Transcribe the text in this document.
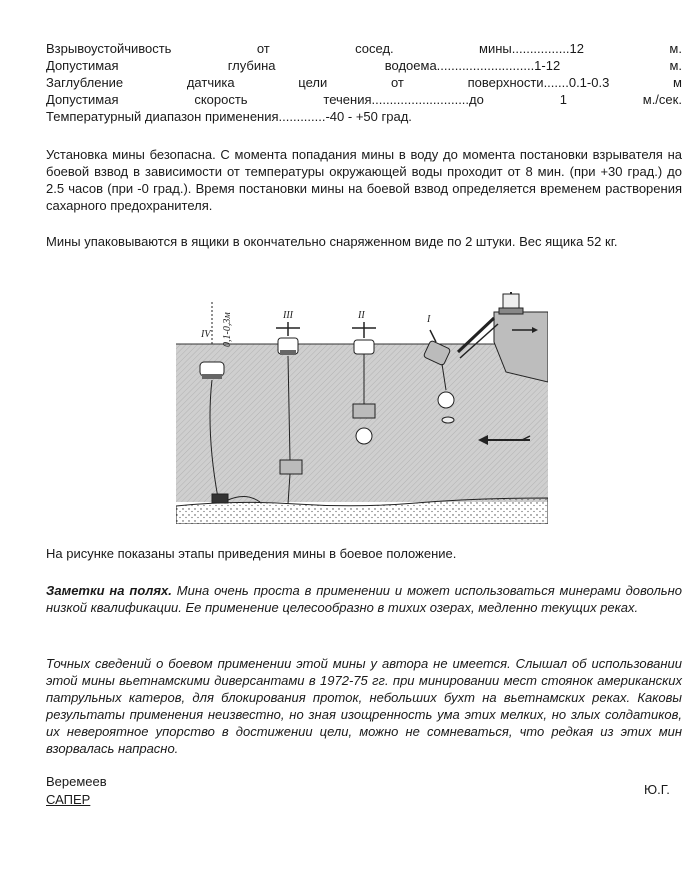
Взрывоустойчивость	от	сосед.	мины................12	м.
Допустимая	глубина	водоема...........................1-12	м.
Заглубление	датчика	цели	от	поверхности.......0.1-0.3	м
Допустимая	скорость	течения...........................до	1	м./сек.
Температурный диапазон применения.............-40 - +50 град.
Установка мины безопасна. С момента попадания мины в воду до момента постановки взрывателя на боевой взвод в зависимости от температуры окружающей воды проходит от 8 мин. (при +30 град.) до 2.5 часов (при -0 град.). Время постановки мины на боевой взвод определяется временем растворения сахарного предохранителя.
Мины упаковываются в ящики в окончательно снаряженном виде по 2 штуки. Вес ящика 52 кг.
IV 0,1-0,3м	III	II	I
На рисунке показаны этапы приведения мины в боевое положение.
Заметки на полях. Мина очень проста в применении и может использоваться минерами довольно низкой квалификации. Ее применение целесообразно в тихих озерах, медленно текущих реках.
Точных сведений о боевом применении этой мины у автора не имеется. Слышал об использовании этой мины вьетнамскими диверсантами в 1972-75 гг. при минировании мест стоянок американских патрульных катеров, для блокирования проток, небольших бухт на вьетнамских реках. Каковы результаты применения неизвестно, но зная изощренность ума этих мелких, но злых солдатиков, их невероятное упорство в достижении цели, можно не сомневаться, что редкая из этих мин взорвалась напрасно.
Веремеев
САПЕР
Ю.Г.
